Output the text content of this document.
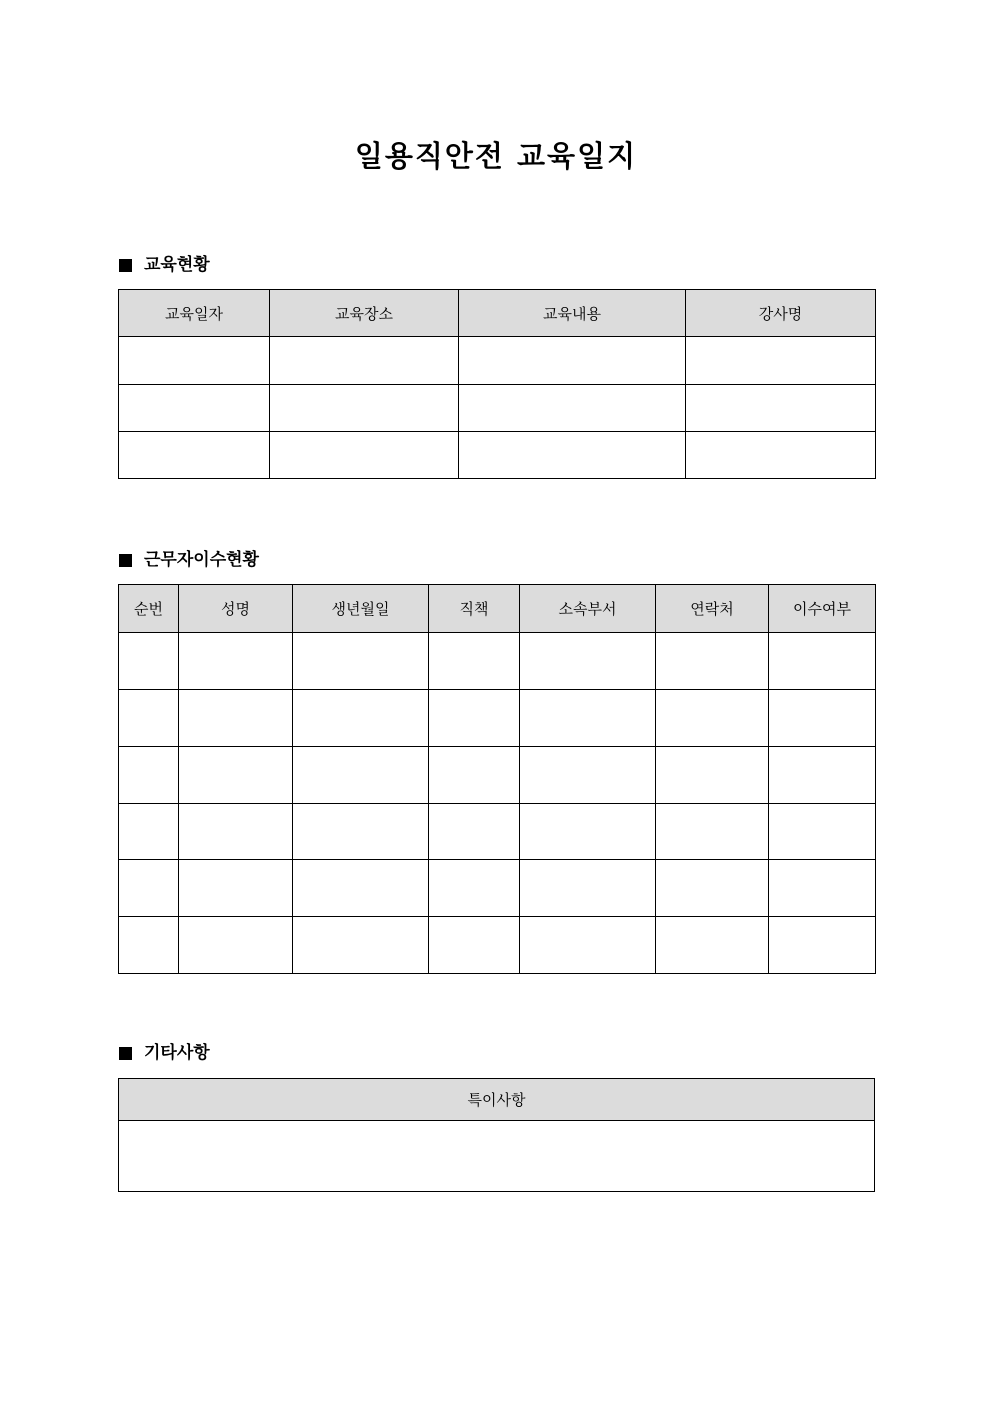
일용직안전 교육일지
교육현황
교육일자	교육장소	교육내용	강사명

근무자이수현황
순번	성명	생년월일	직책	소속부서	연락처	이수여부

기타사항
특이사항
